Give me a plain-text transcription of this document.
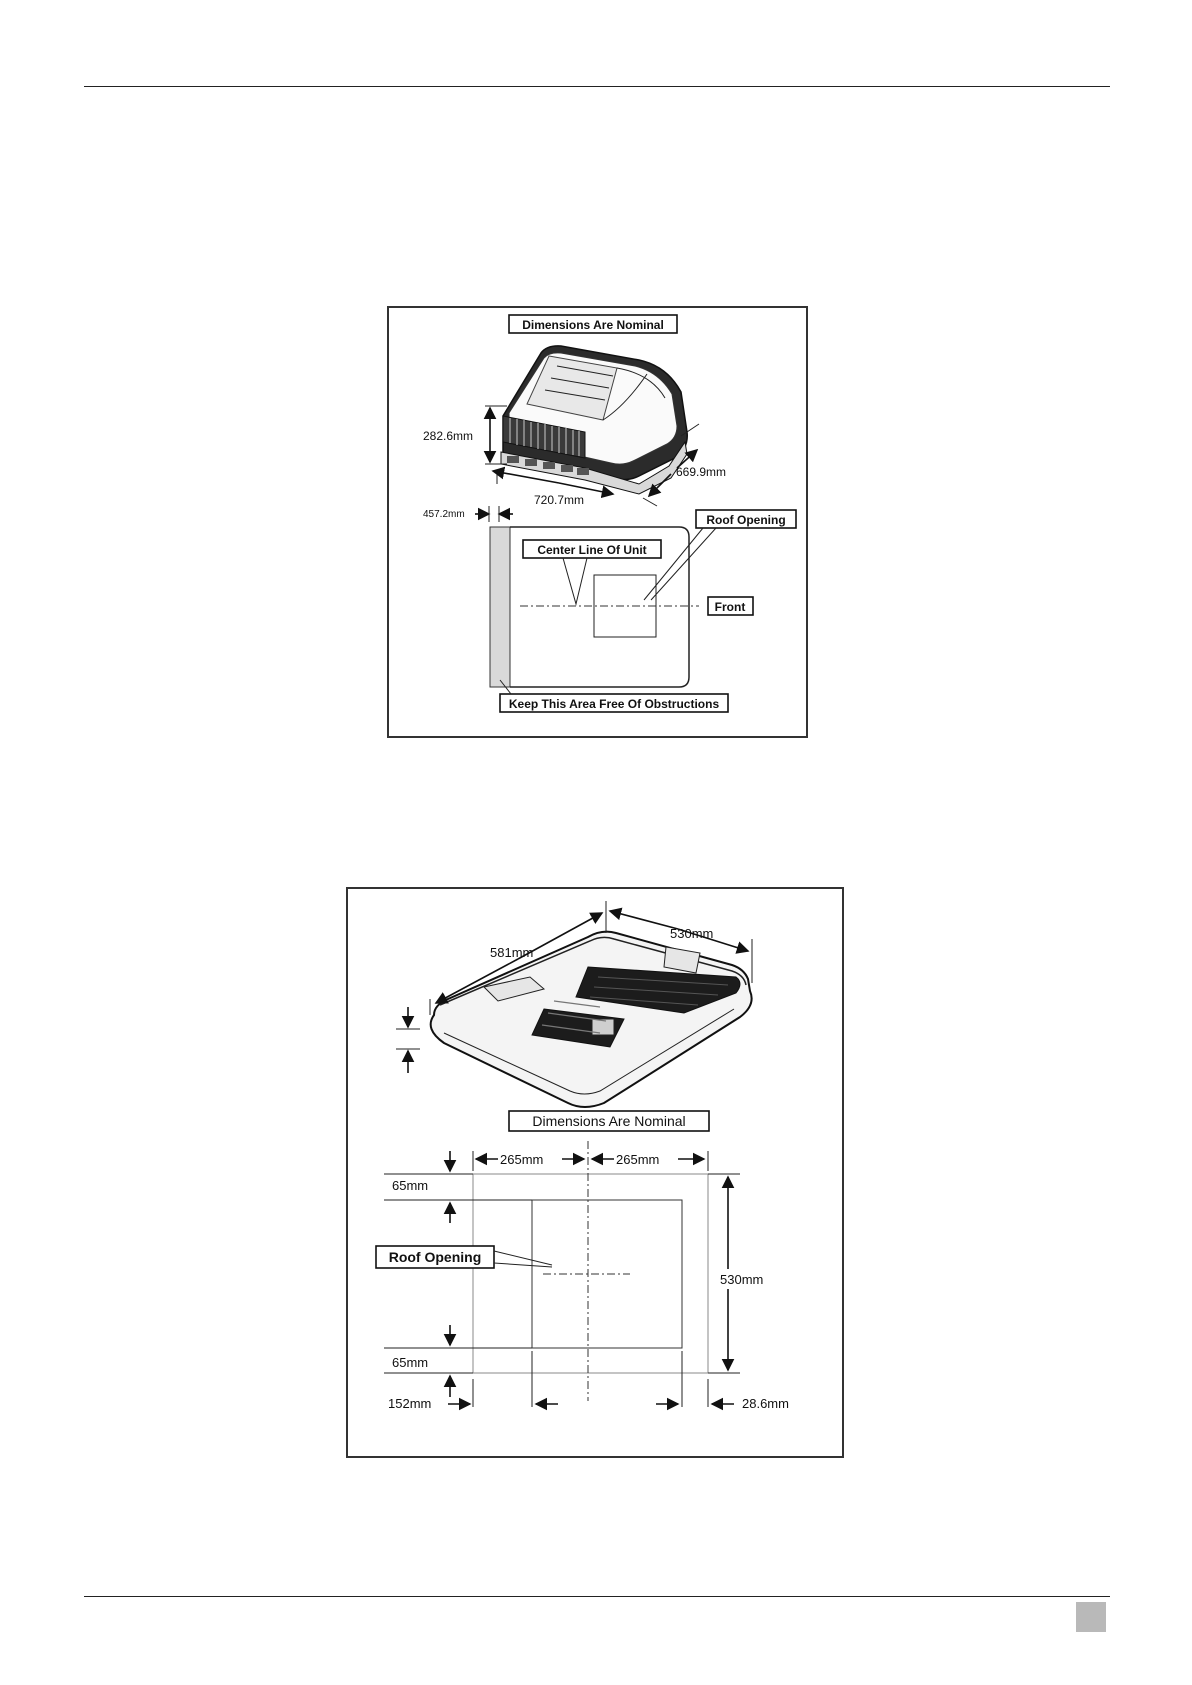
Dimensions Are Nominal
282.6mm
720.7mm
669.9mm
457.2mm	Roof Opening
Center Line Of Unit
Front
Keep This Area Free Of Obstructions
581mm
530mm
Dimensions Are Nominal
265mm	265mm
65mm
65mm
530mm
152mm	28.6mm
Roof Opening
